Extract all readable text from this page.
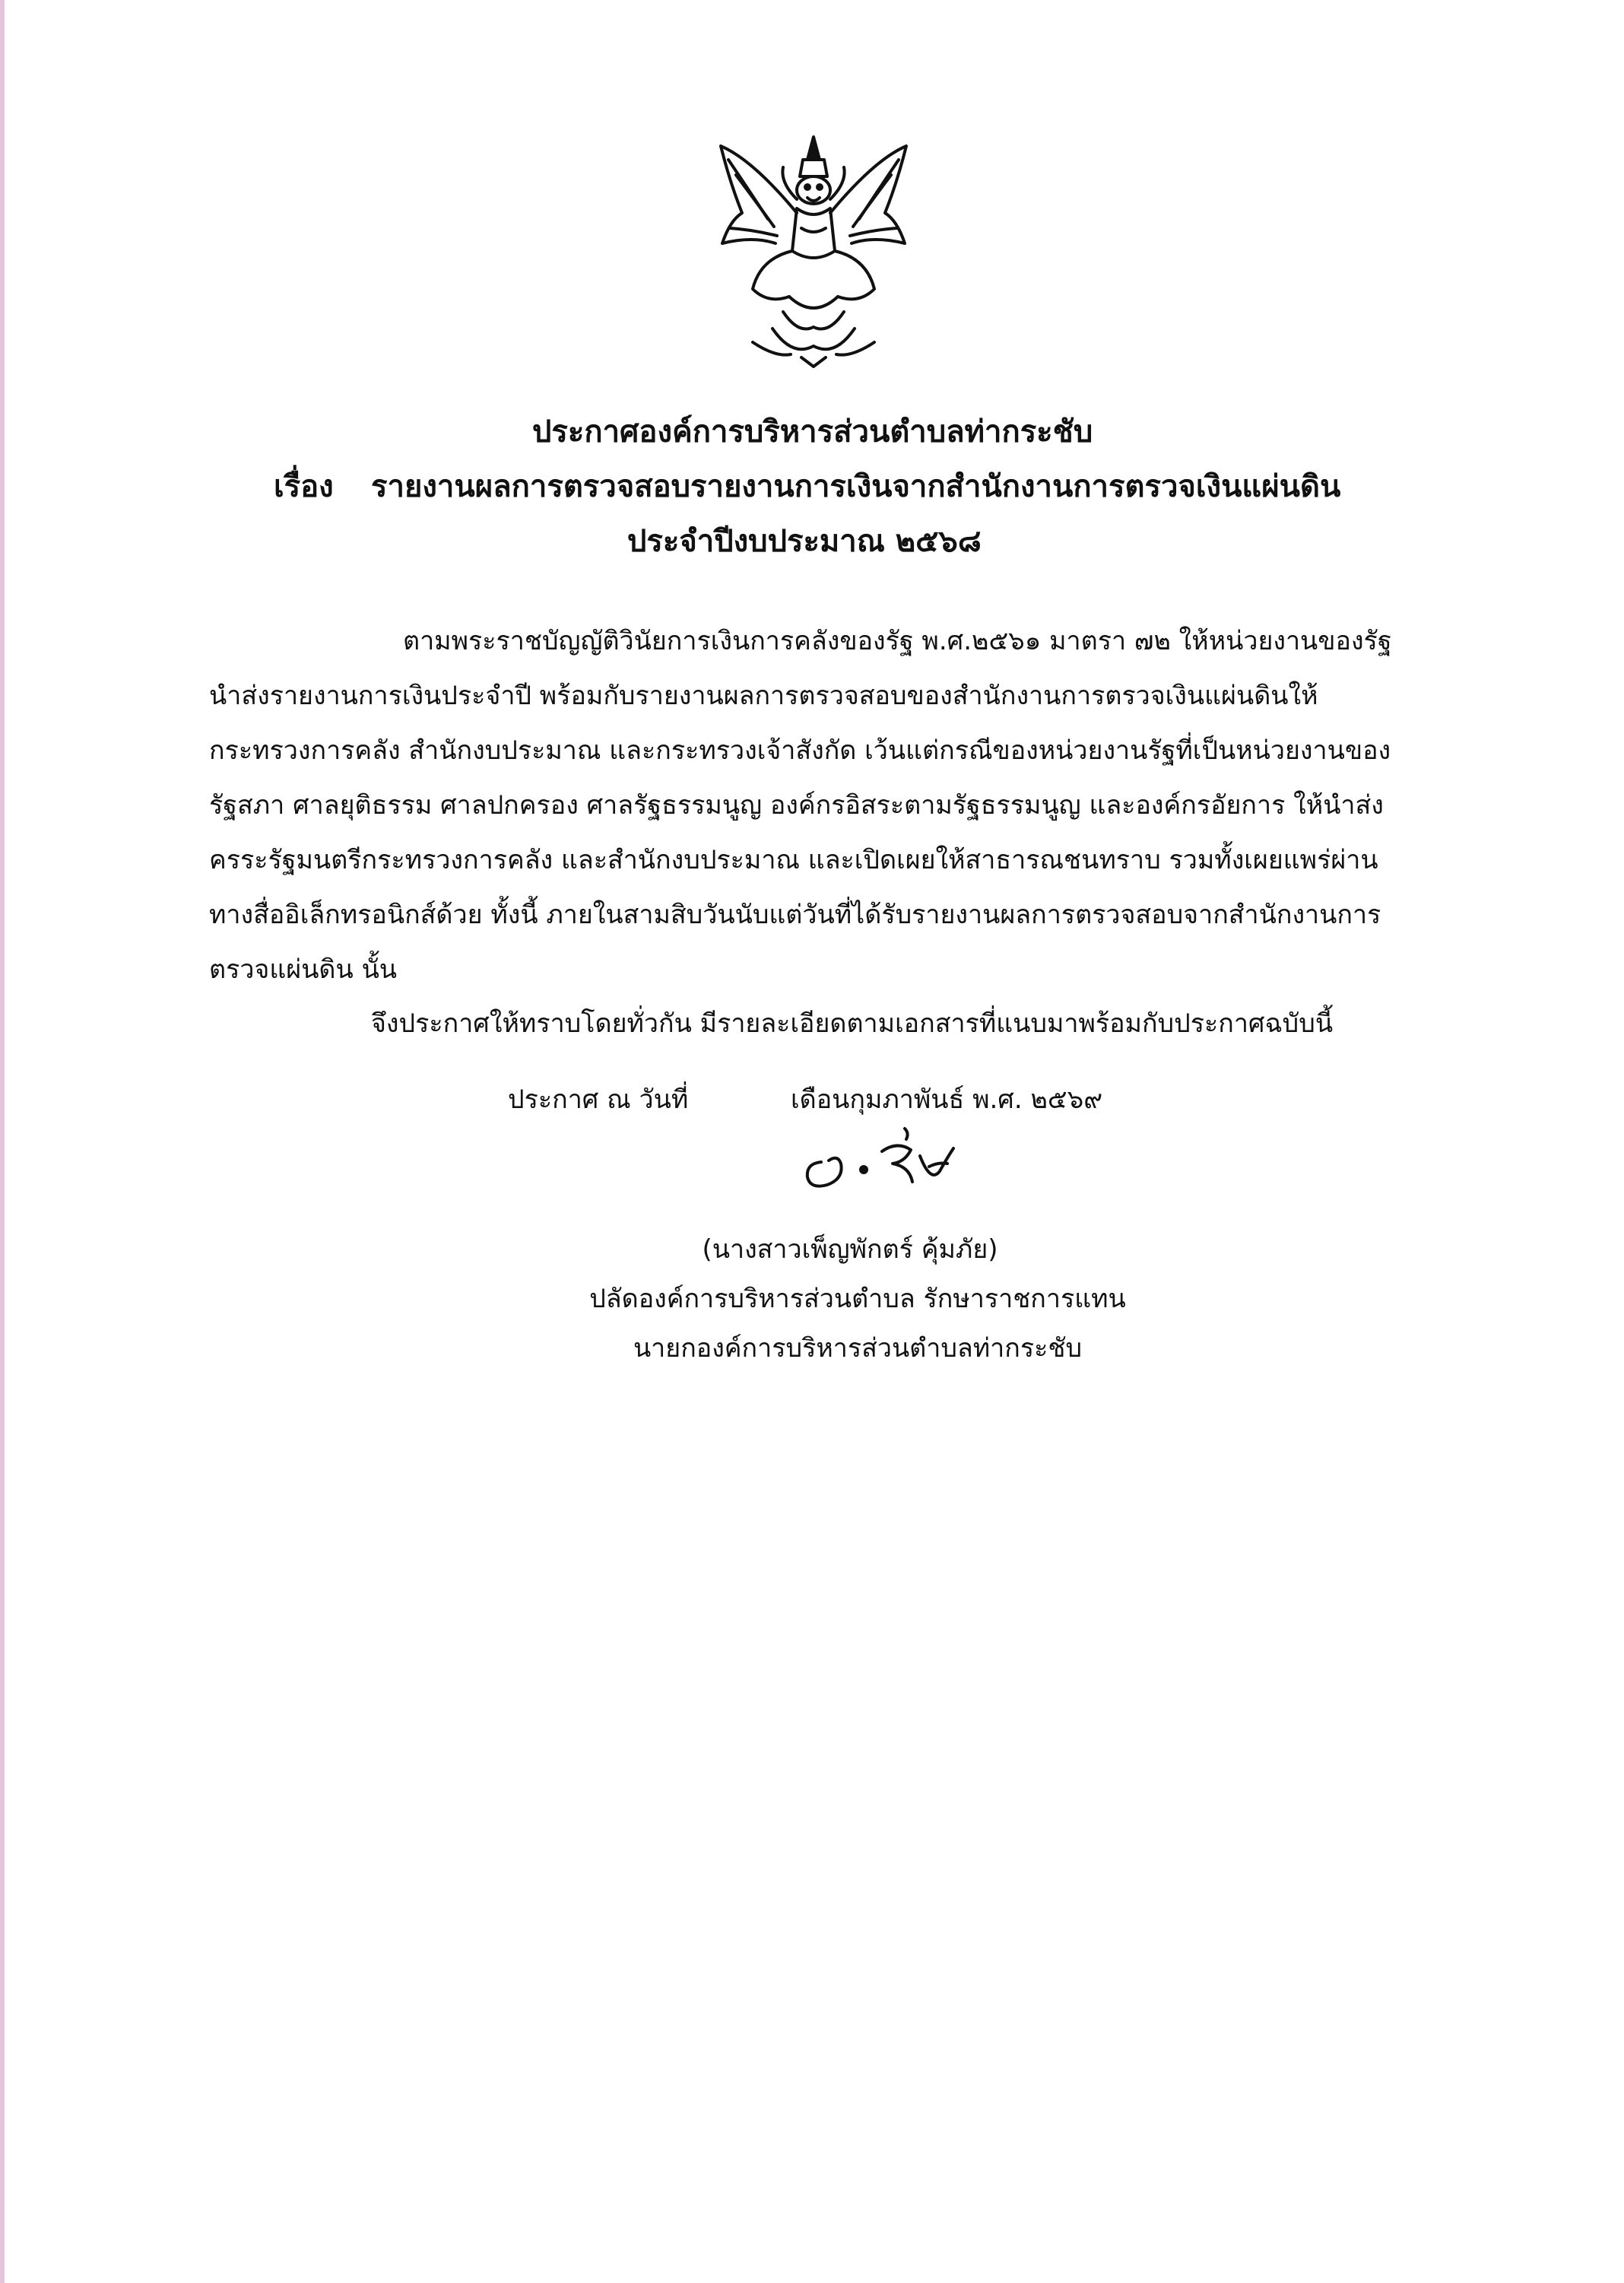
ประกาศองค์การบริหารส่วนตำบลท่ากระชับ
เรื่อง รายงานผลการตรวจสอบรายงานการเงินจากสำนักงานการตรวจเงินแผ่นดิน
ประจำปีงบประมาณ ๒๕๖๘
ตามพระราชบัญญัติวินัยการเงินการคลังของรัฐ พ.ศ.๒๕๖๑ มาตรา ๗๒ ให้หน่วยงานของรัฐ
นำส่งรายงานการเงินประจำปี พร้อมกับรายงานผลการตรวจสอบของสำนักงานการตรวจเงินแผ่นดินให้
กระทรวงการคลัง สำนักงบประมาณ และกระทรวงเจ้าสังกัด เว้นแต่กรณีของหน่วยงานรัฐที่เป็นหน่วยงานของ
รัฐสภา ศาลยุติธรรม ศาลปกครอง ศาลรัฐธรรมนูญ องค์กรอิสระตามรัฐธรรมนูญ และองค์กรอัยการ ให้นำส่ง
ครระรัฐมนตรีกระทรวงการคลัง และสำนักงบประมาณ และเปิดเผยให้สาธารณชนทราบ รวมทั้งเผยแพร่ผ่าน
ทางสื่ออิเล็กทรอนิกส์ด้วย ทั้งนี้ ภายในสามสิบวันนับแต่วันที่ได้รับรายงานผลการตรวจสอบจากสำนักงานการ
ตรวจแผ่นดิน นั้น
จึงประกาศให้ทราบโดยทั่วกัน มีรายละเอียดตามเอกสารที่แนบมาพร้อมกับประกาศฉบับนี้
ประกาศ ณ วันที่	เดือนกุมภาพันธ์ พ.ศ. ๒๕๖๙
(นางสาวเพ็ญพักตร์ คุ้มภัย)
ปลัดองค์การบริหารส่วนตำบล รักษาราชการแทน
นายกองค์การบริหารส่วนตำบลท่ากระชับ
